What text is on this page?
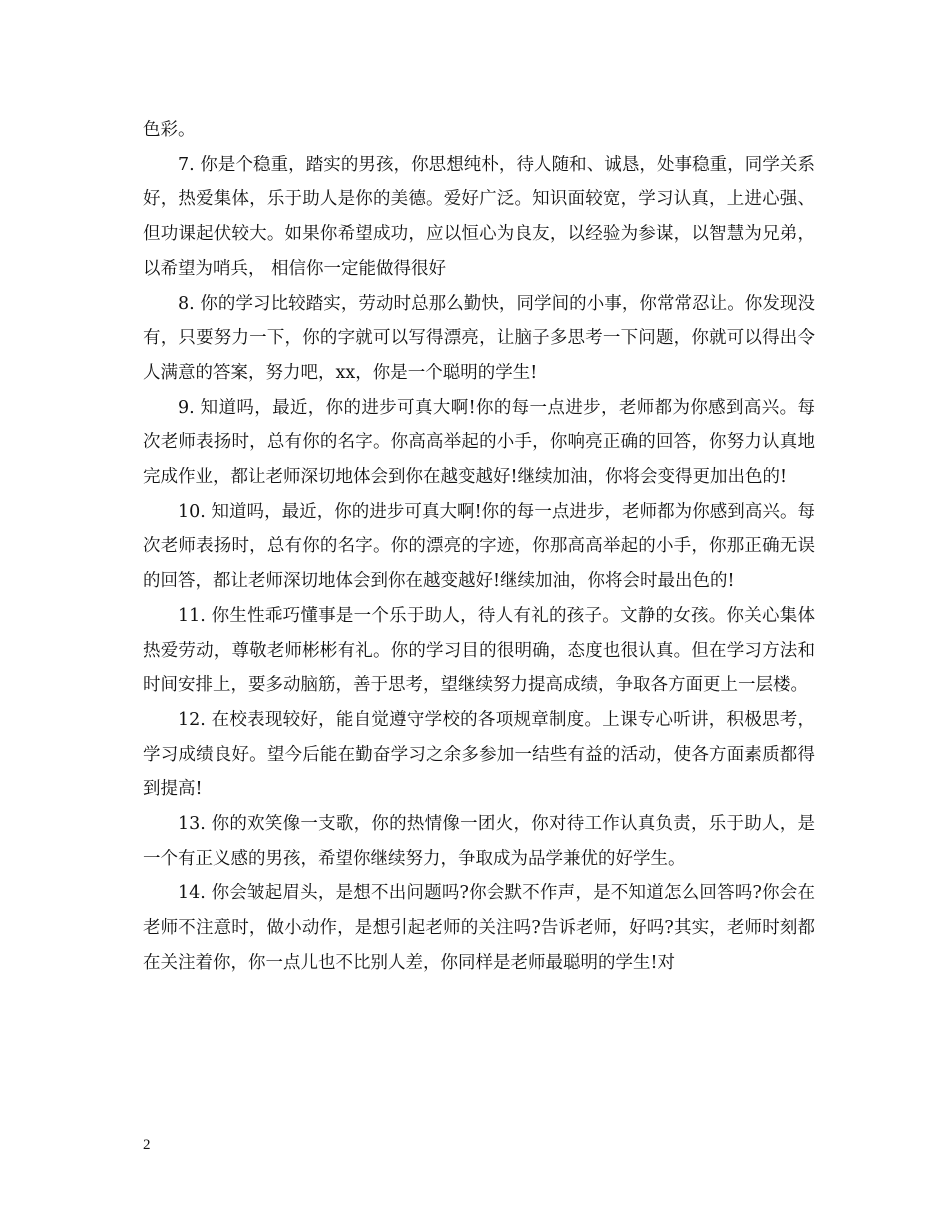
色彩。

7. 你是个稳重，踏实的男孩，你思想纯朴，待人随和、诚恳，处事稳重，同学关系好，热爱集体，乐于助人是你的美德。爱好广泛。知识面较宽，学习认真，上进心强、但功课起伏较大。如果你希望成功，应以恒心为良友，以经验为参谋，以智慧为兄弟，以希望为哨兵， 相信你一定能做得很好

8. 你的学习比较踏实，劳动时总那么勤快，同学间的小事，你常常忍让。你发现没有，只要努力一下，你的字就可以写得漂亮，让脑子多思考一下问题，你就可以得出令人满意的答案，努力吧，xx，你是一个聪明的学生!

9. 知道吗，最近，你的进步可真大啊!你的每一点进步，老师都为你感到高兴。每次老师表扬时，总有你的名字。你高高举起的小手，你响亮正确的回答，你努力认真地完成作业，都让老师深切地体会到你在越变越好!继续加油，你将会变得更加出色的!

10. 知道吗，最近，你的进步可真大啊!你的每一点进步，老师都为你感到高兴。每次老师表扬时，总有你的名字。你的漂亮的字迹，你那高高举起的小手，你那正确无误的回答，都让老师深切地体会到你在越变越好!继续加油，你将会时最出色的!

11. 你生性乖巧懂事是一个乐于助人，待人有礼的孩子。文静的女孩。你关心集体热爱劳动，尊敬老师彬彬有礼。你的学习目的很明确，态度也很认真。但在学习方法和时间安排上，要多动脑筋，善于思考，望继续努力提高成绩，争取各方面更上一层楼。

12. 在校表现较好，能自觉遵守学校的各项规章制度。上课专心听讲，积极思考，学习成绩良好。望今后能在勤奋学习之余多参加一结些有益的活动，使各方面素质都得到提高!

13. 你的欢笑像一支歌，你的热情像一团火，你对待工作认真负责，乐于助人，是一个有正义感的男孩，希望你继续努力，争取成为品学兼优的好学生。

14. 你会皱起眉头，是想不出问题吗?你会默不作声，是不知道怎么回答吗?你会在老师不注意时，做小动作，是想引起老师的关注吗?告诉老师，好吗?其实，老师时刻都在关注着你，你一点儿也不比别人差，你同样是老师最聪明的学生!对

2
